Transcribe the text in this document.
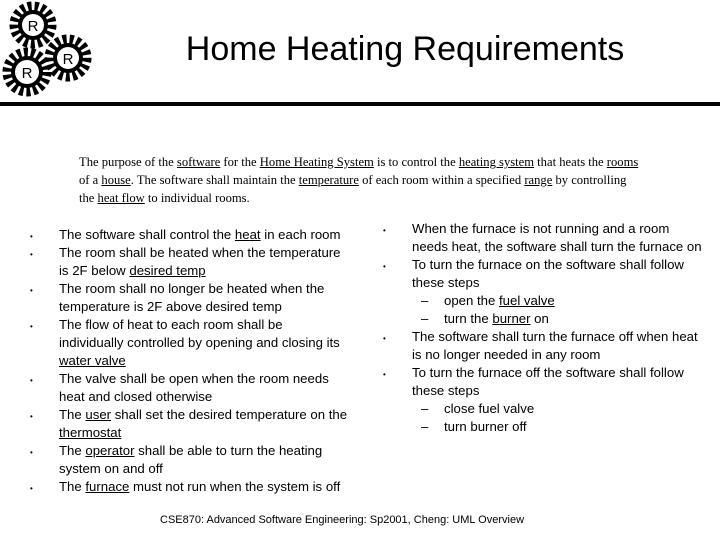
R
R
R	Home Heating Requirements
The purpose of the software for the Home Heating System is to control the heating system that heats the rooms of a house. The software shall maintain the temperature of each room within a specified range by controlling the heat flow to individual rooms.
• The software shall control the heat in each room
• The room shall be heated when the temperature is 2F below desired temp
• The room shall no longer be heated when the temperature is 2F above desired temp
• The flow of heat to each room shall be individually controlled by opening and closing its water valve
• The valve shall be open when the room needs heat and closed otherwise
• The user shall set the desired temperature on the thermostat
• The operator shall be able to turn the heating system on and off
• The furnace must not run when the system is off
• When the furnace is not running and a room needs heat, the software shall turn the furnace on
• To turn the furnace on the software shall follow these steps
– open the fuel valve
– turn the burner on
• The software shall turn the furnace off when heat is no longer needed in any room
• To turn the furnace off the software shall follow these steps
– close fuel valve
– turn burner off
CSE870: Advanced Software Engineering: Sp2001, Cheng: UML Overview
